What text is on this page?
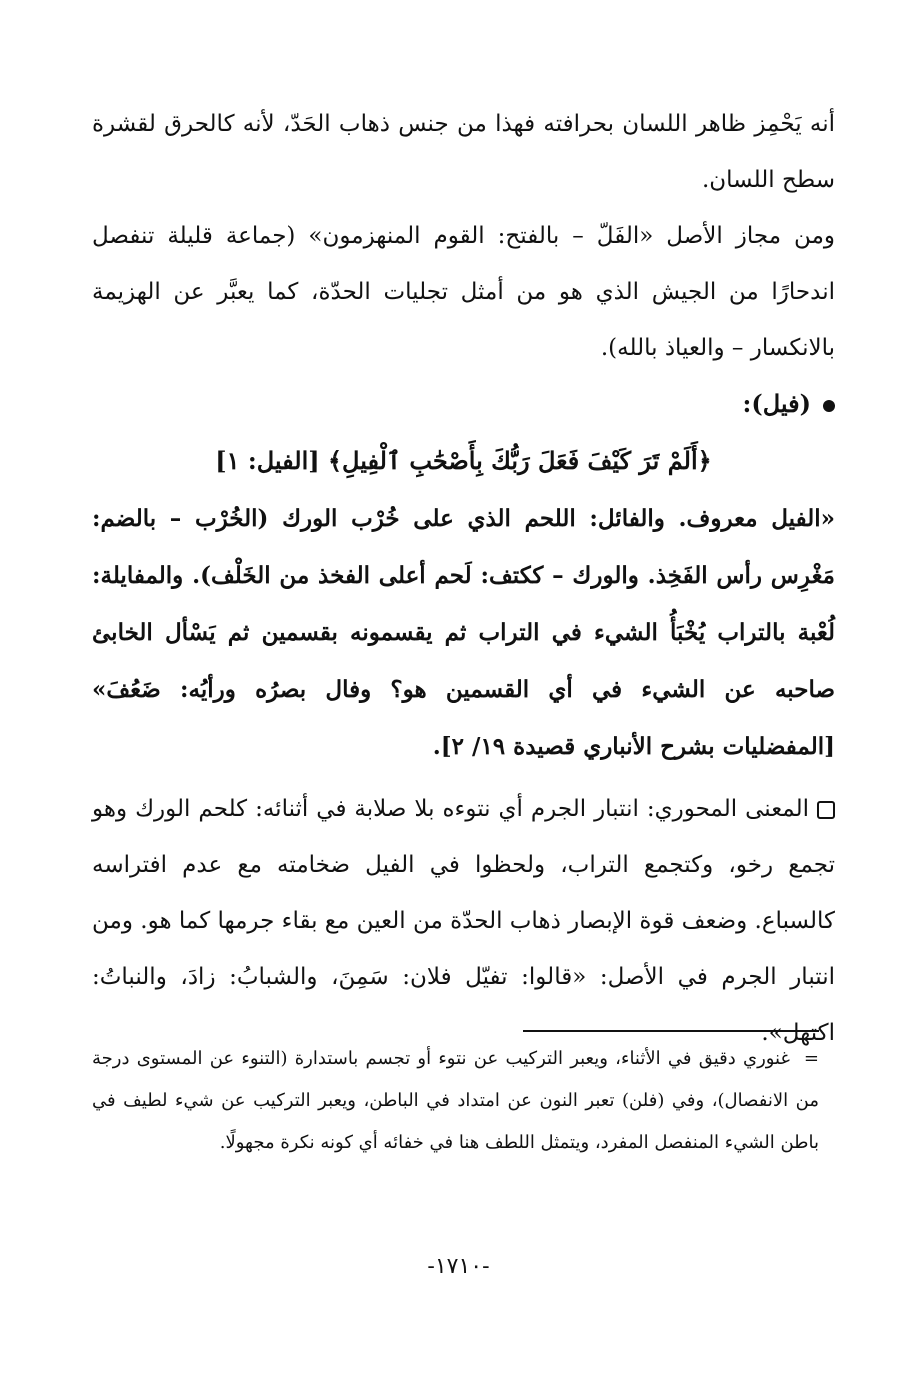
أنه يَحْمِز ظاهر اللسان بحرافته فهذا من جنس ذهاب الحَدّ، لأنه كالحرق لقشرة سطح اللسان.

ومن مجاز الأصل «الفَلّ – بالفتح: القوم المنهزمون» (جماعة قليلة تنفصل اندحارًا من الجيش الذي هو من أمثل تجليات الحدّة، كما يعبَّر عن الهزيمة بالانكسار – والعياذ بالله).

(فيل):
﴿أَلَمْ تَرَ كَيْفَ فَعَلَ رَبُّكَ بِأَصْحَٰبِ ٱلْفِيلِ﴾ [الفيل: ١]

«الفيل معروف. والفائل: اللحم الذي على خُرْب الورك (الخُرْب – بالضم: مَغْرِس رأس الفَخِذ. والورك – ككتف: لَحم أعلى الفخذ من الخَلْف). والمفايلة: لُعْبة بالتراب يُخْبَأُ الشيء في التراب ثم يقسمونه بقسمين ثم يَسْأل الخابئ صاحبه عن الشيء في أي القسمين هو؟ وفال بصرُه ورأيُه: ضَعُفَ» [المفضليات بشرح الأنباري قصيدة ١٩/ ٢].

المعنى المحوري: انتبار الجرم أي نتوءه بلا صلابة في أثنائه: كلحم الورك وهو تجمع رخو، وكتجمع التراب، ولحظوا في الفيل ضخامته مع عدم افتراسه كالسباع. وضعف قوة الإبصار ذهاب الحدّة من العين مع بقاء جرمها كما هو. ومن انتبار الجرم في الأصل: «قالوا: تفيّل فلان: سَمِنَ، والشبابُ: زادَ، والنباتُ: اكتهل».

=غنوري دقيق في الأثناء، ويعبر التركيب عن نتوء أو تجسم باستدارة (التنوء عن المستوى درجة من الانفصال)، وفي (فلن) تعبر النون عن امتداد في الباطن، ويعبر التركيب عن شيء لطيف في باطن الشيء المنفصل المفرد، ويتمثل اللطف هنا في خفائه أي كونه نكرة مجهولًا.

-١٧١٠-
